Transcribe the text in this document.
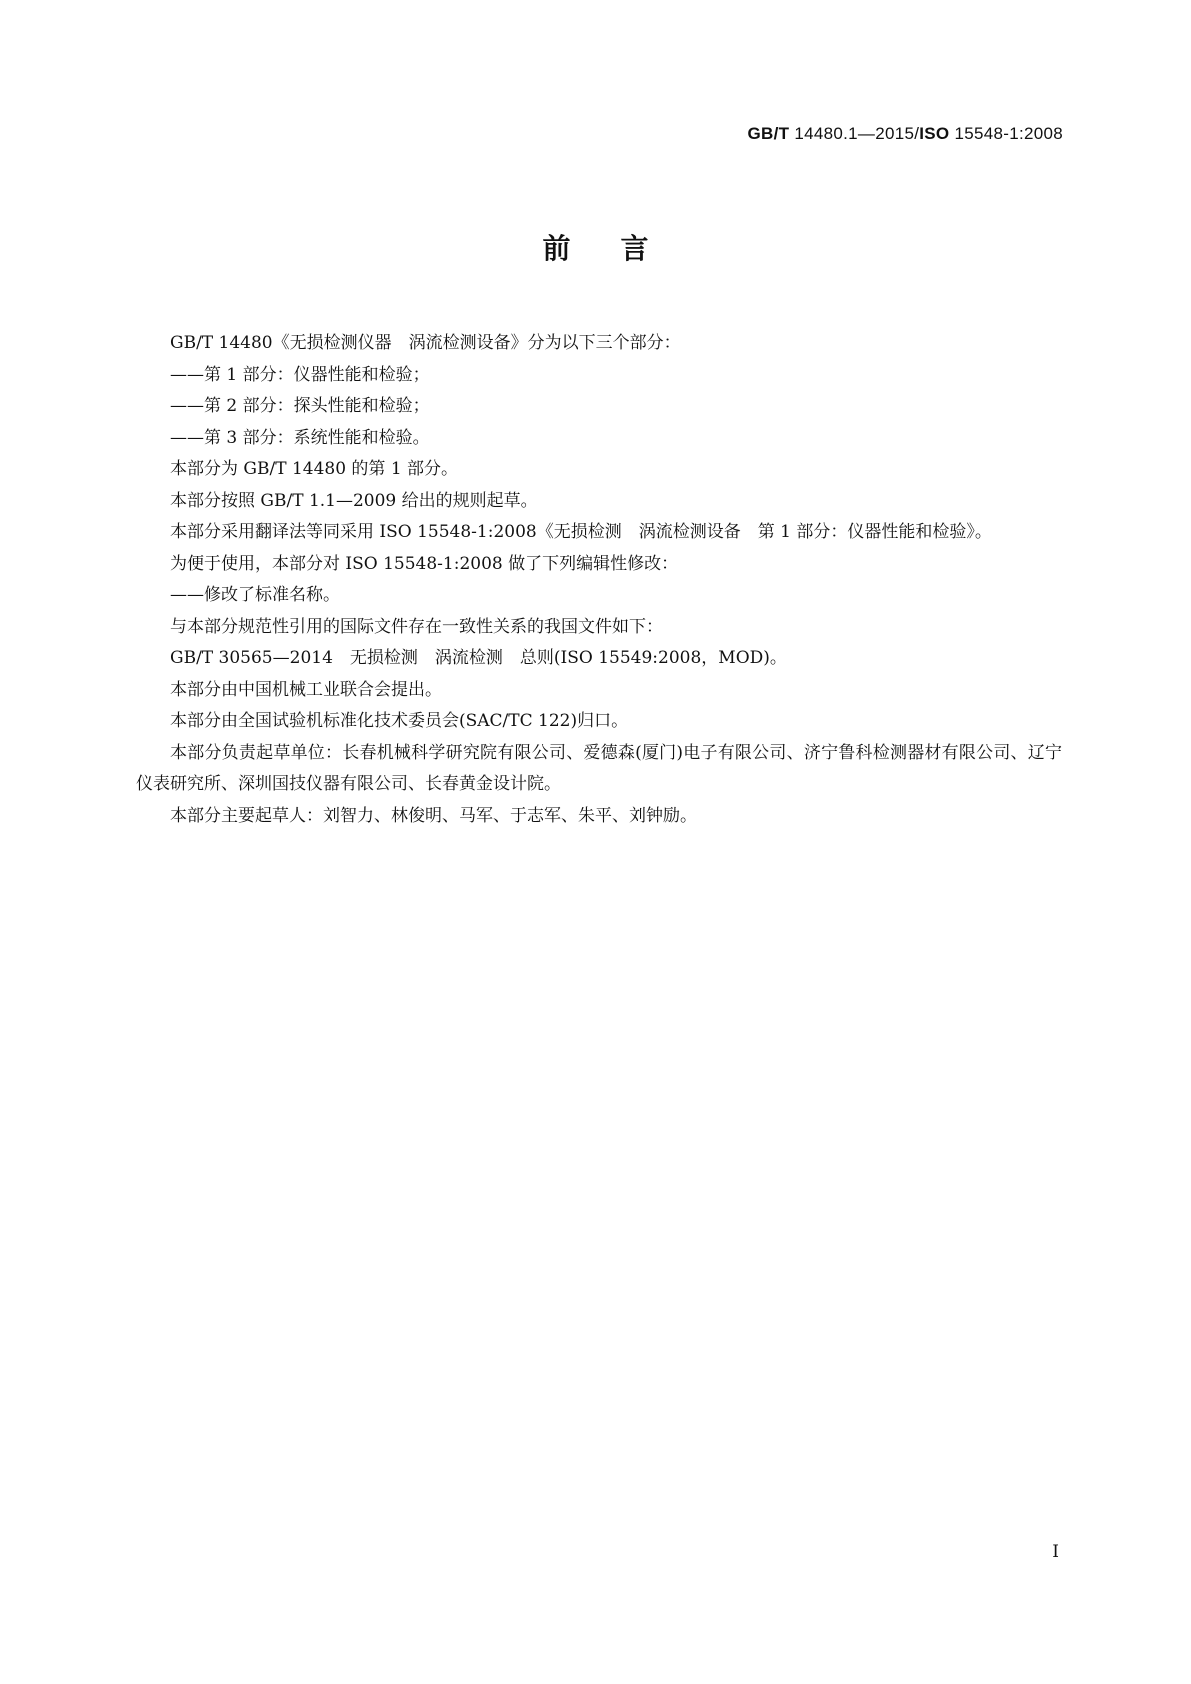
GB/T 14480.1—2015/ISO 15548-1:2008
前言

GB/T 14480《无损检测仪器　涡流检测设备》分为以下三个部分：

——第 1 部分：仪器性能和检验；

——第 2 部分：探头性能和检验；

——第 3 部分：系统性能和检验。

本部分为 GB/T 14480 的第 1 部分。

本部分按照 GB/T 1.1—2009 给出的规则起草。

本部分采用翻译法等同采用 ISO 15548-1:2008《无损检测　涡流检测设备　第 1 部分：仪器性能和检验》。

为便于使用，本部分对 ISO 15548-1:2008 做了下列编辑性修改：

——修改了标准名称。

与本部分规范性引用的国际文件存在一致性关系的我国文件如下：

GB/T 30565—2014　无损检测　涡流检测　总则(ISO 15549:2008，MOD)。

本部分由中国机械工业联合会提出。

本部分由全国试验机标准化技术委员会(SAC/TC 122)归口。

本部分负责起草单位：长春机械科学研究院有限公司、爱德森(厦门)电子有限公司、济宁鲁科检测器材有限公司、辽宁仪表研究所、深圳国技仪器有限公司、长春黄金设计院。

本部分主要起草人：刘智力、林俊明、马军、于志军、朱平、刘钟励。

I
